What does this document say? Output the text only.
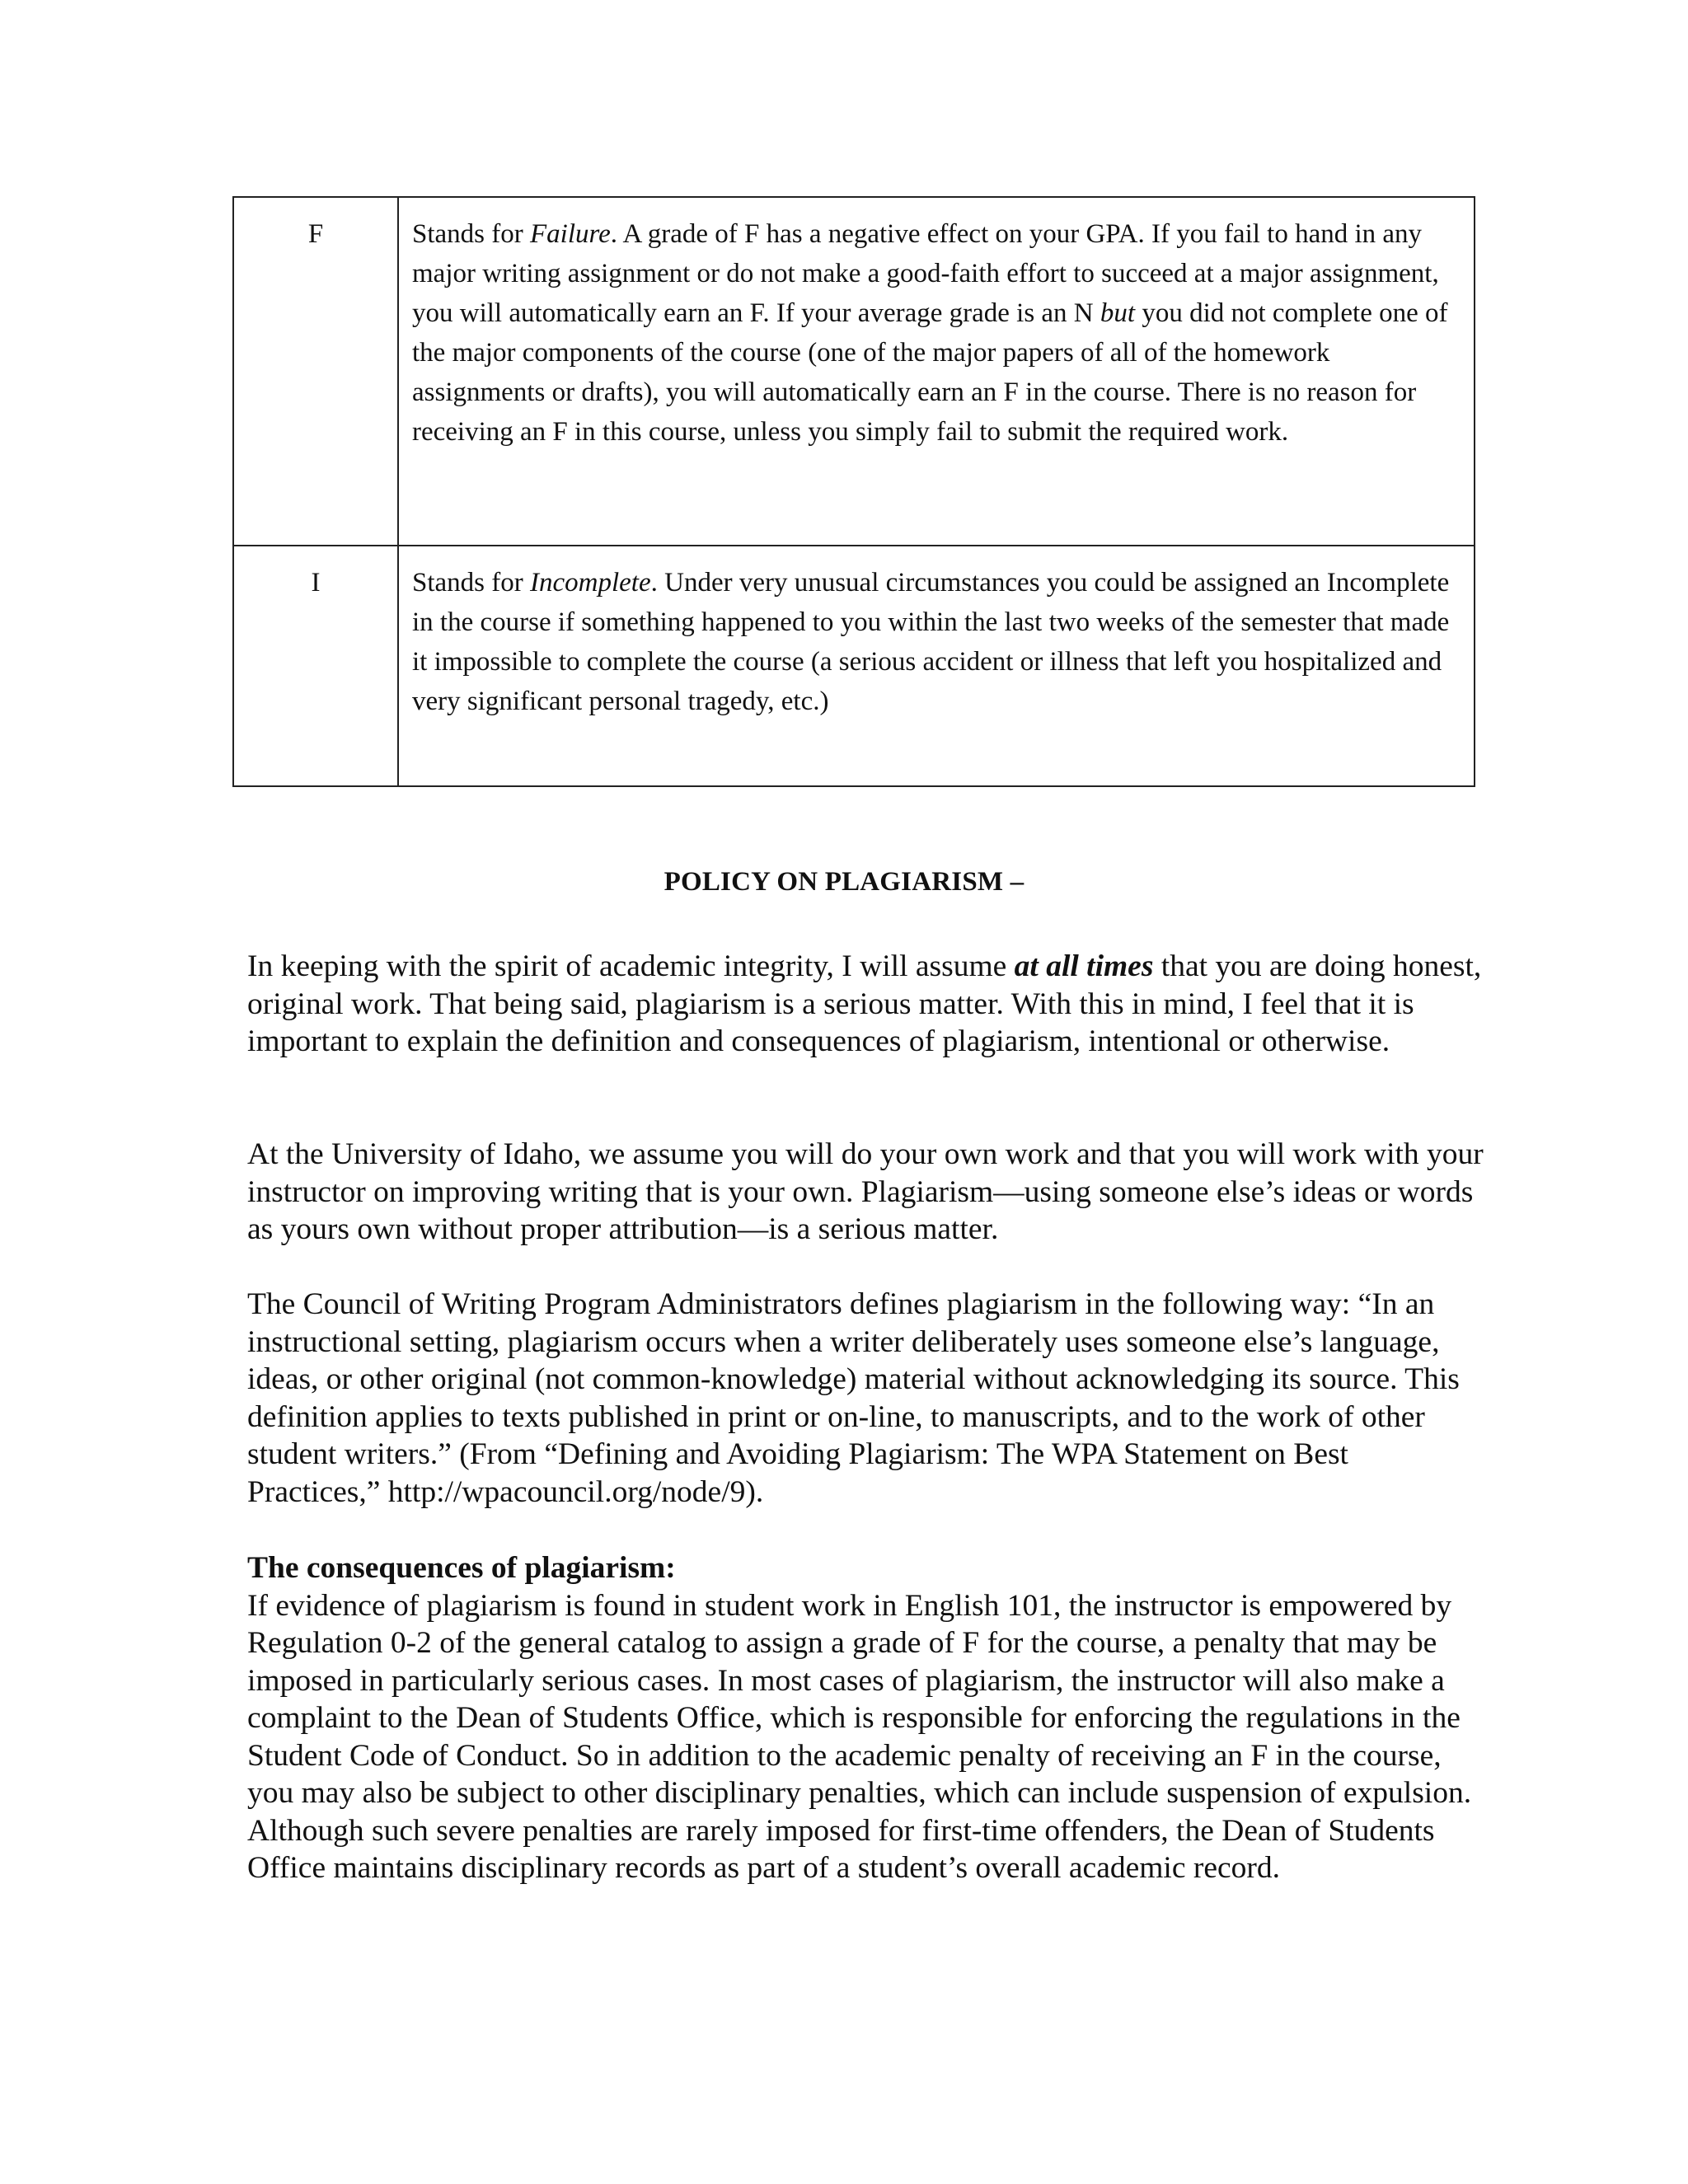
F	Stands for Failure. A grade of F has a negative effect on your GPA. If you fail to hand in any major writing assignment or do not make a good-faith effort to succeed at a major assignment, you will automatically earn an F. If your average grade is an N but you did not complete one of the major components of the course (one of the major papers of all of the homework assignments or drafts), you will automatically earn an F in the course. There is no reason for receiving an F in this course, unless you simply fail to submit the required work.
I	Stands for Incomplete. Under very unusual circumstances you could be assigned an Incomplete in the course if something happened to you within the last two weeks of the semester that made it impossible to complete the course (a serious accident or illness that left you hospitalized and very significant personal tragedy, etc.)
POLICY ON PLAGIARISM –

In keeping with the spirit of academic integrity, I will assume at all times that you are doing honest, original work. That being said, plagiarism is a serious matter. With this in mind, I feel that it is important to explain the definition and consequences of plagiarism, intentional or otherwise.

At the University of Idaho, we assume you will do your own work and that you will work with your instructor on improving writing that is your own. Plagiarism—using someone else’s ideas or words as yours own without proper attribution—is a serious matter.

The Council of Writing Program Administrators defines plagiarism in the following way: “In an instructional setting, plagiarism occurs when a writer deliberately uses someone else’s language, ideas, or other original (not common-knowledge) material without acknowledging its source. This definition applies to texts published in print or on-line, to manuscripts, and to the work of other student writers.” (From “Defining and Avoiding Plagiarism: The WPA Statement on Best Practices,” http://wpacouncil.org/node/9).

The consequences of plagiarism:
If evidence of plagiarism is found in student work in English 101, the instructor is empowered by Regulation 0-2 of the general catalog to assign a grade of F for the course, a penalty that may be imposed in particularly serious cases. In most cases of plagiarism, the instructor will also make a complaint to the Dean of Students Office, which is responsible for enforcing the regulations in the Student Code of Conduct. So in addition to the academic penalty of receiving an F in the course, you may also be subject to other disciplinary penalties, which can include suspension of expulsion. Although such severe penalties are rarely imposed for first-time offenders, the Dean of Students Office maintains disciplinary records as part of a student’s overall academic record.
